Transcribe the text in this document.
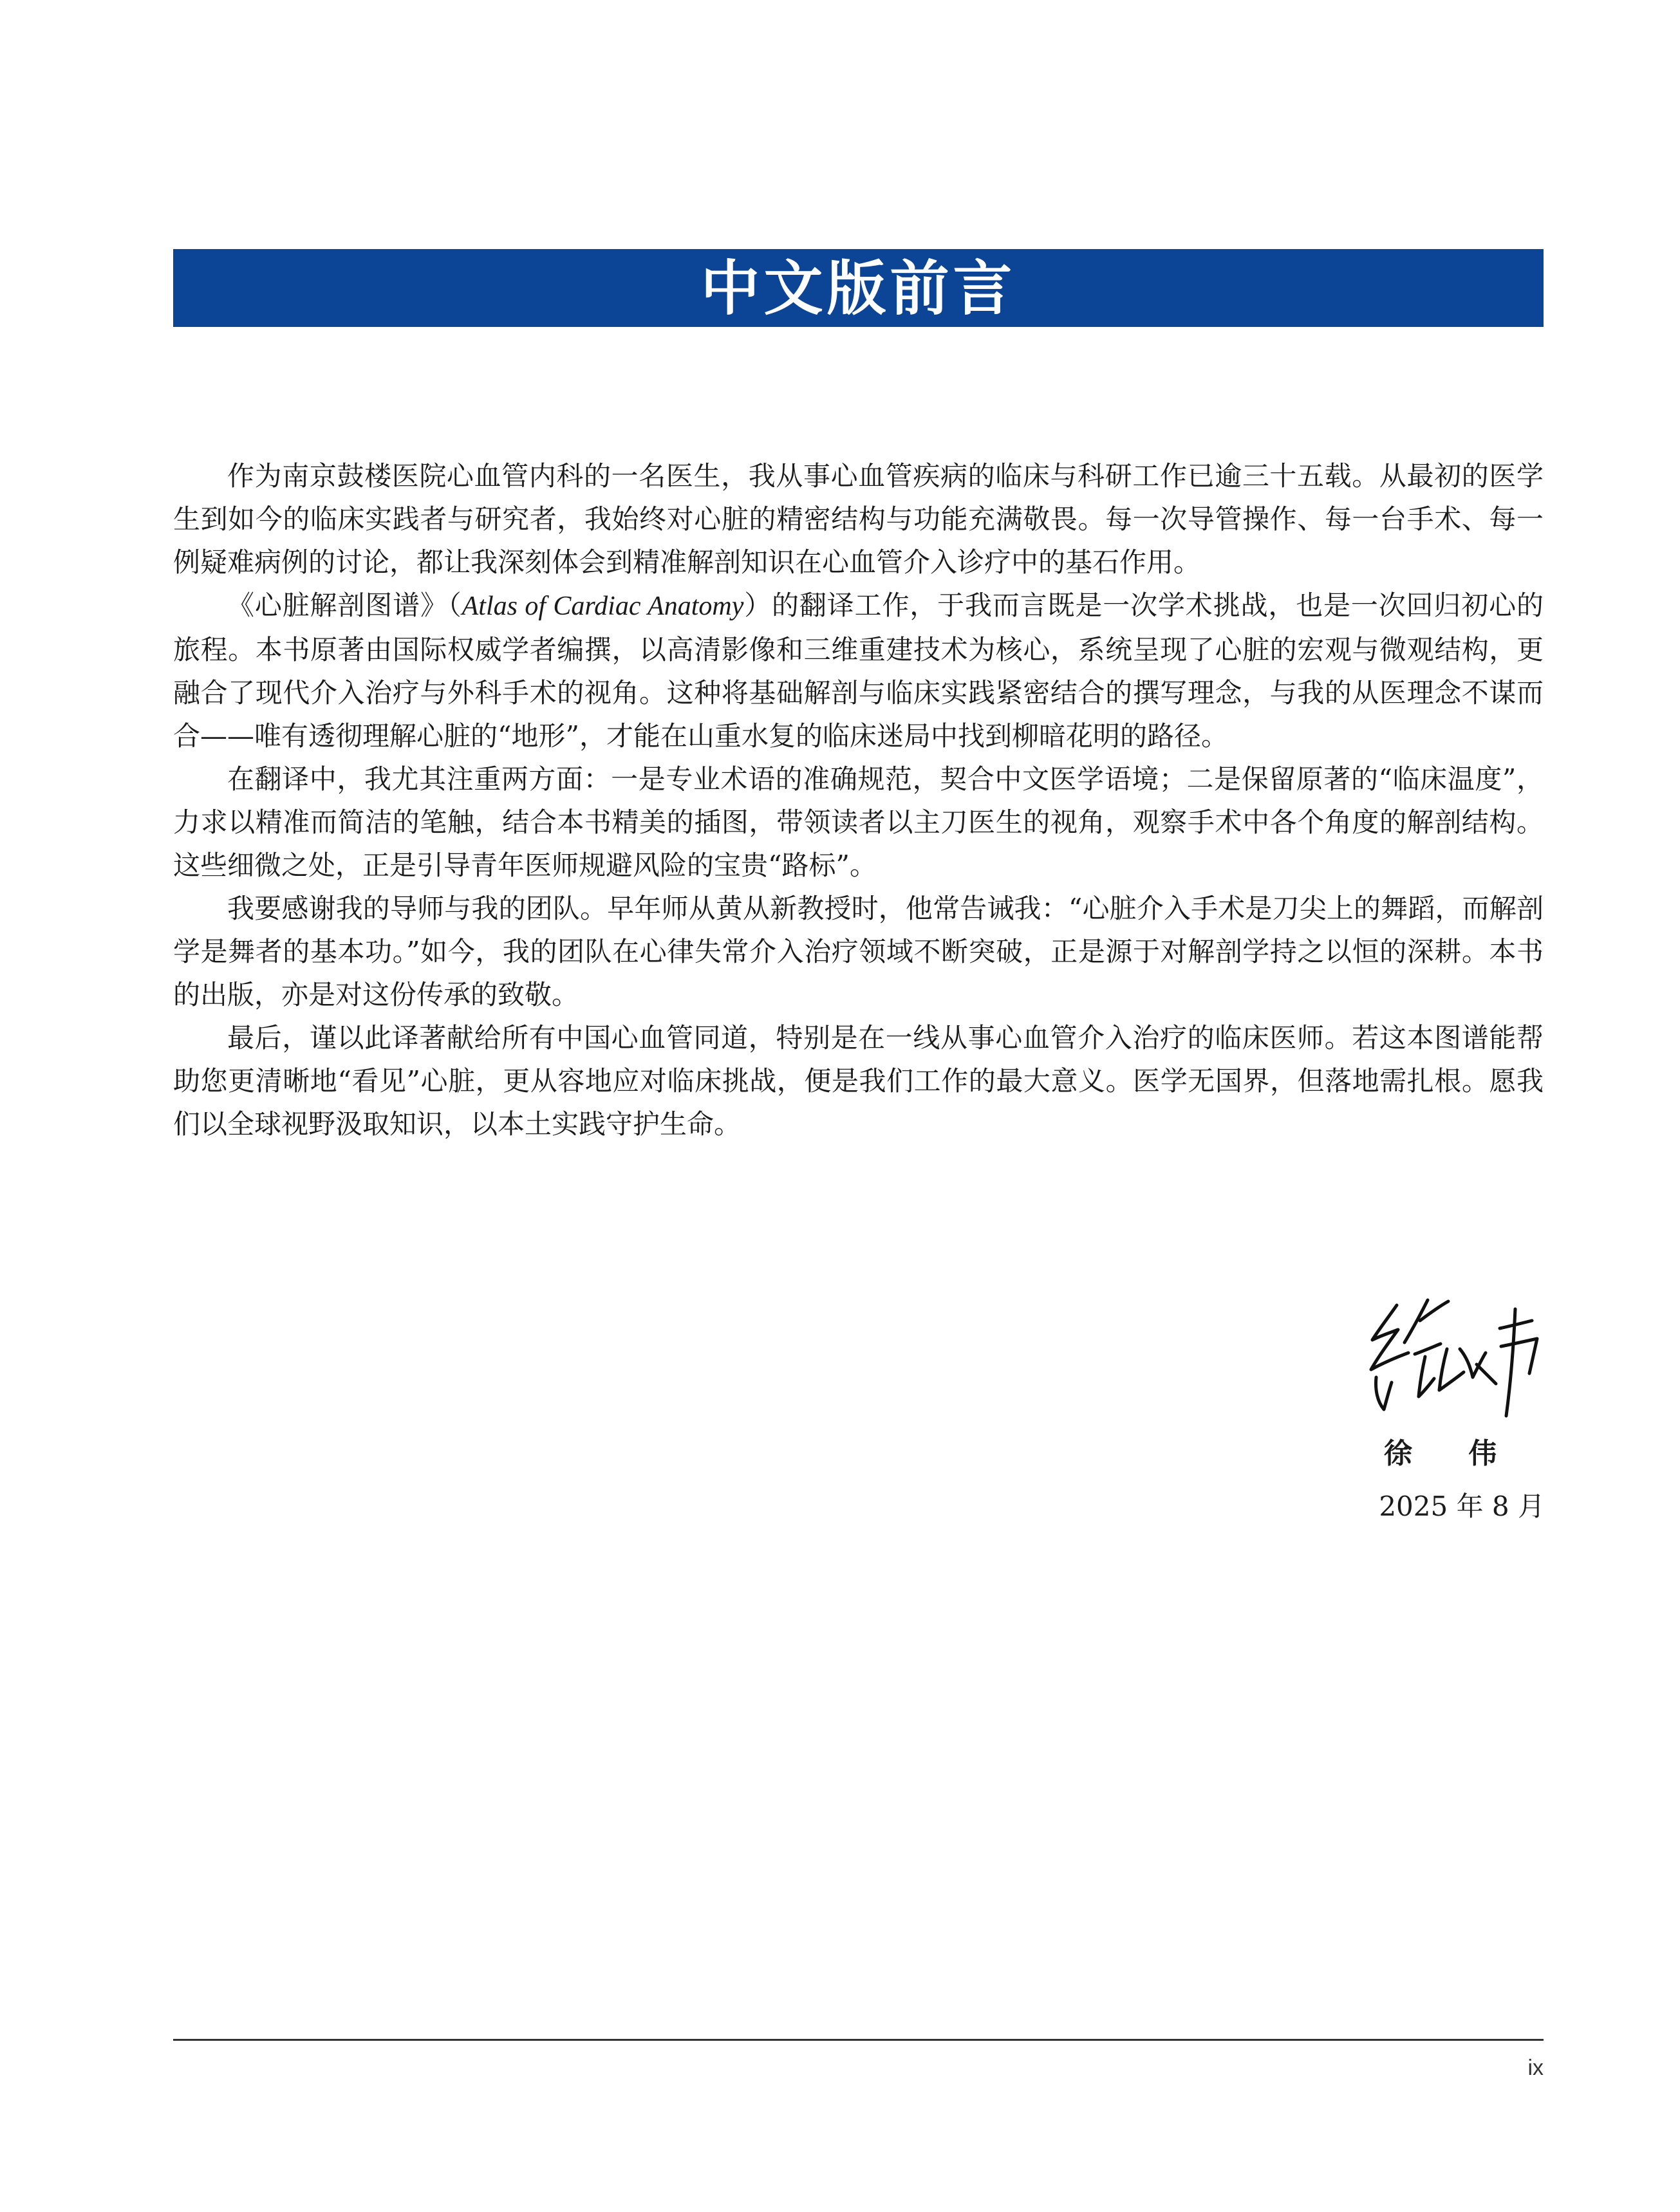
中文版前言

作为南京鼓楼医院心血管内科的一名医生，我从事心血管疾病的临床与科研工作已逾三十五载。从最初的医学生到如今的临床实践者与研究者，我始终对心脏的精密结构与功能充满敬畏。每一次导管操作、每一台手术、每一例疑难病例的讨论，都让我深刻体会到精准解剖知识在心血管介入诊疗中的基石作用。

《心脏解剖图谱》（Atlas of Cardiac Anatomy）的翻译工作，于我而言既是一次学术挑战，也是一次回归初心的旅程。本书原著由国际权威学者编撰，以高清影像和三维重建技术为核心，系统呈现了心脏的宏观与微观结构，更融合了现代介入治疗与外科手术的视角。这种将基础解剖与临床实践紧密结合的撰写理念，与我的从医理念不谋而合——唯有透彻理解心脏的“地形”，才能在山重水复的临床迷局中找到柳暗花明的路径。

在翻译中，我尤其注重两方面：一是专业术语的准确规范，契合中文医学语境；二是保留原著的“临床温度”，力求以精准而简洁的笔触，结合本书精美的插图，带领读者以主刀医生的视角，观察手术中各个角度的解剖结构。这些细微之处，正是引导青年医师规避风险的宝贵“路标”。

我要感谢我的导师与我的团队。早年师从黄从新教授时，他常告诫我：“心脏介入手术是刀尖上的舞蹈，而解剖学是舞者的基本功。”如今，我的团队在心律失常介入治疗领域不断突破，正是源于对解剖学持之以恒的深耕。本书的出版，亦是对这份传承的致敬。

最后，谨以此译著献给所有中国心血管同道，特别是在一线从事心血管介入治疗的临床医师。若这本图谱能帮助您更清晰地“看见”心脏，更从容地应对临床挑战，便是我们工作的最大意义。医学无国界，但落地需扎根。愿我们以全球视野汲取知识，以本土实践守护生命。

徐 伟
2025 年 8 月
ix
